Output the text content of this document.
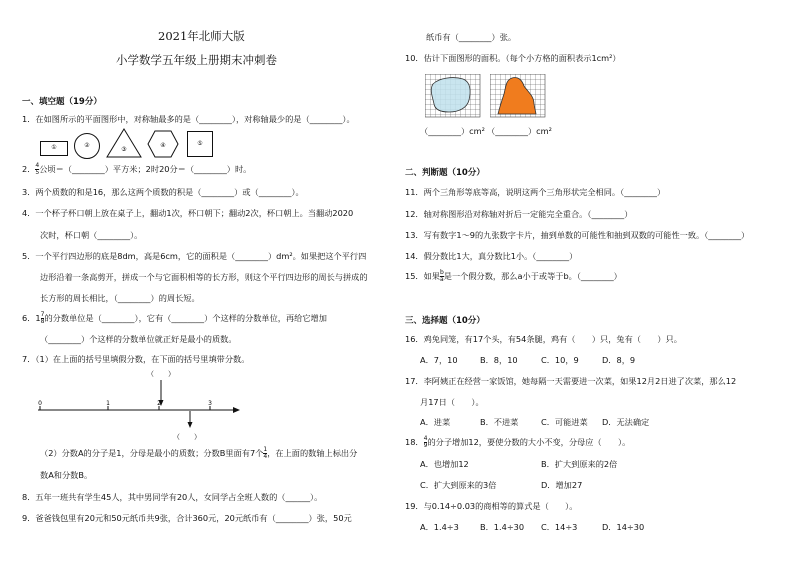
2021年北师大版
小学数学五年级上册期末冲刺卷
一、填空题（19分）
1．在如图所示的平面图形中，对称轴最多的是（________），对称轴最少的是（________）。
①	②
③
④	⑤
2． $\frac{4}{5}$ 公顷＝（________）平方米；2时20分＝（________）时。
3．两个质数的和是16，那么这两个质数的积是（________）或（________）。
4．一个杯子杯口朝上放在桌子上，翻动1次，杯口朝下；翻动2次，杯口朝上。当翻动2020
次时，杯口朝（________）。
5．一个平行四边形的底是8dm，高是6cm，它的面积是（________）dm²。如果把这个平行四
边形沿着一条高剪开，拼成一个与它面积相等的长方形，则这个平行四边形的周长与拼成的
长方形的周长相比，（________）的周长短。
6．$1 \frac{7}{8}$ 的分数单位是（________），它有（________）个这样的分数单位，再给它增加
（________）个这样的分数单位就正好是最小的质数。
7．（1）在上面的括号里填假分数，在下面的括号里填带分数。
（　　）
0	1	2	3
（　　）
（2）分数A的分子是1，分母是最小的质数；分数B里面有7个 $\frac{1}{4}$ ，在上面的数轴上标出分
数A和分数B。
8．五年一班共有学生45人，其中男同学有20人，女同学占全班人数的（______）。
9．爸爸钱包里有20元和50元纸币共9张，合计360元，20元纸币有（________）张，50元
纸币有（________）张。
10．估计下面图形的面积。（每个小方格的面积表示1cm²）
（________）cm² （________）cm²
二、判断题（10分）
11．两个三角形等底等高，说明这两个三角形状完全相同。（________）
12．轴对称图形沿对称轴对折后一定能完全重合。（________）
13．写有数字1～9的九张数字卡片，抽到单数的可能性和抽到双数的可能性一致。（________）
14．假分数比1大，真分数比1小。（________）
15．如果 $\frac{b}{a}$ 是一个假分数，那么a小于或等于b。（________）
三、选择题（10分）
16．鸡兔同笼，有17个头，有54条腿，鸡有（　　）只，兔有（　　）只。
A．7，10	B．8，10	C．10，9	D．8，9
17．李阿姨正在经营一家饭馆，她每隔一天需要进一次菜，如果12月2日进了次菜，那么12
月17日（　　）。
A．进菜	B．不进菜	C．可能进菜 D．无法确定
18． $\frac{4}{9}$ 的分子增加12，要使分数的大小不变，分母应（　　）。
A．也增加12	B．扩大到原来的2倍
C．扩大到原来的3倍	D．增加27
19．与0.14÷0.03的商相等的算式是（　　）。
A．1.4÷3	B．1.4÷30 C．14÷3	D．14÷30
